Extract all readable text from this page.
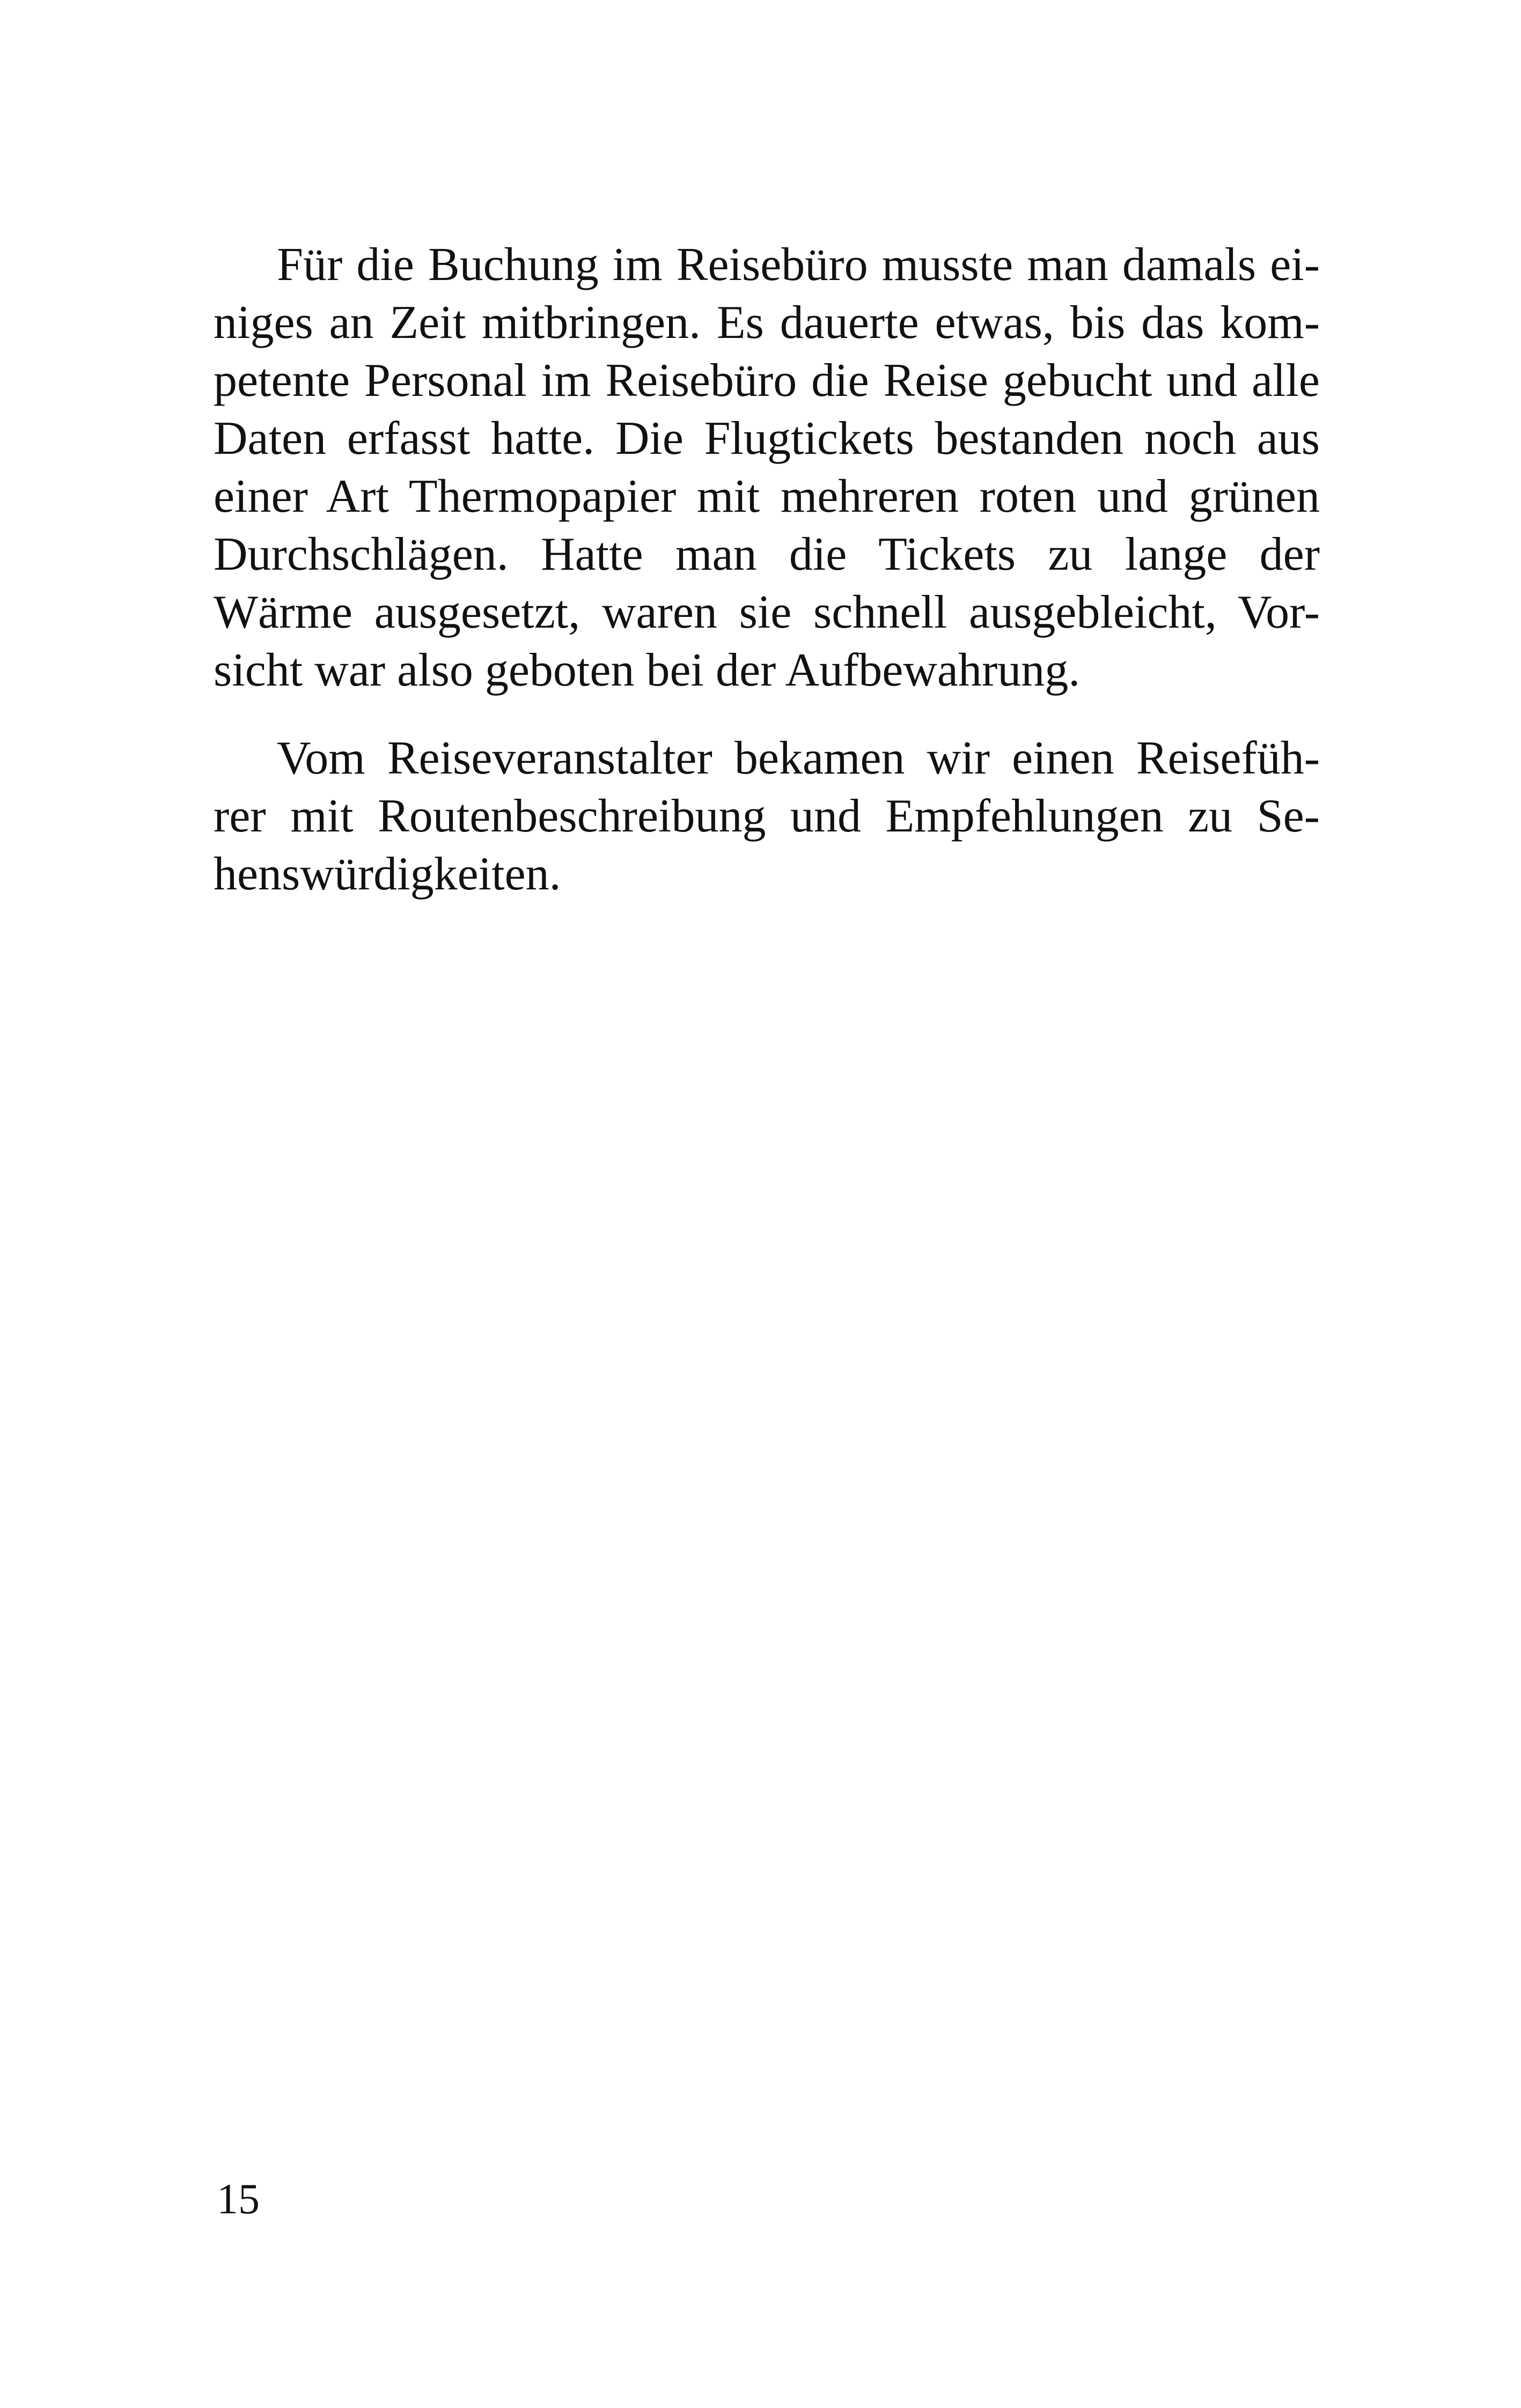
Für die Buchung im Reisebüro musste man damals ei-
niges an Zeit mitbringen. Es dauerte etwas, bis das kom-
petente Personal im Reisebüro die Reise gebucht und alle
Daten erfasst hatte. Die Flugtickets bestanden noch aus
einer Art Thermopapier mit mehreren roten und grünen
Durchschlägen. Hatte man die Tickets zu lange der
Wärme ausgesetzt, waren sie schnell ausgebleicht, Vor-
sicht war also geboten bei der Aufbewahrung.
Vom Reiseveranstalter bekamen wir einen Reisefüh-
rer mit Routenbeschreibung und Empfehlungen zu Se-
henswürdigkeiten.
15
